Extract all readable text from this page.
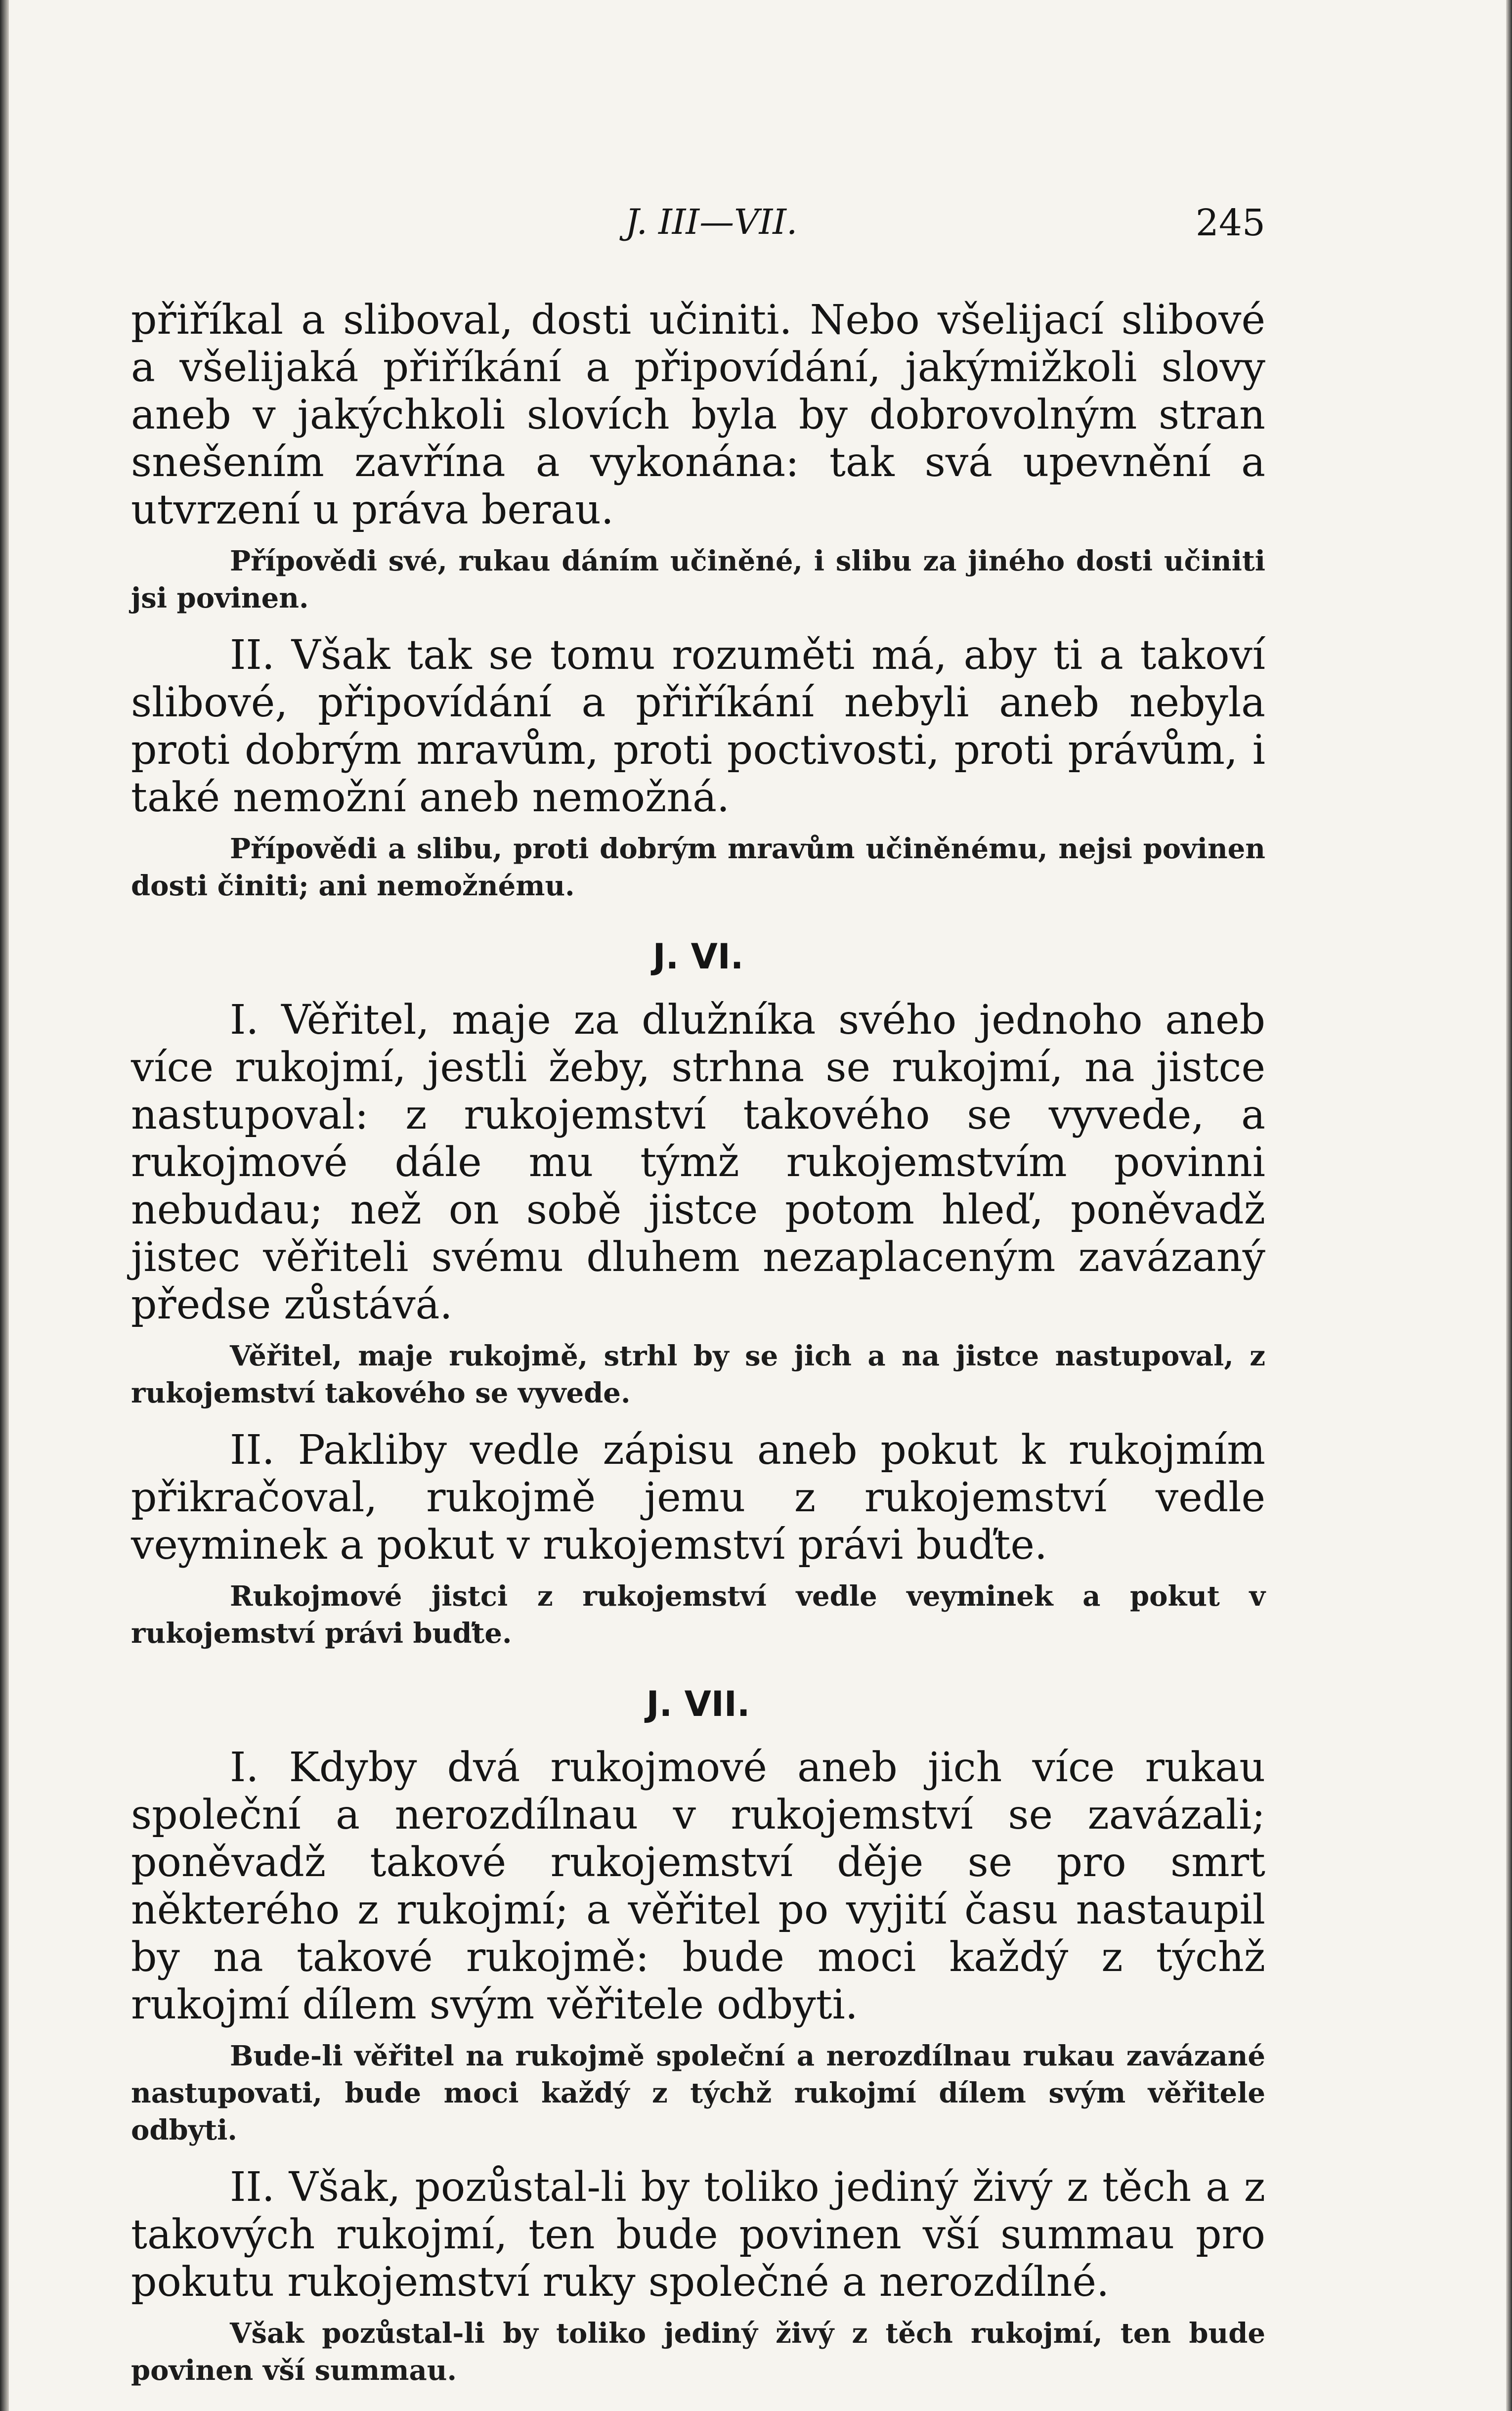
J. III—VII.	245

přiříkal a slibоval, dosti učiniti. Nebo všelijací slibové a všelijaká přiříkání a připovídání, jakýmižkoli slovy aneb v jakýchkoli slovích byla by dobrovolným stran snešením zavřína a vykonána: tak svá upevnění a utvrzení u práva berau.

Přípovědi své, rukau dáním učiněné, i slibu za jiného dosti učiniti jsi povinen.

II. Však tak se tomu rozuměti má, aby ti a takoví slibové, připovídání a přiříkání nebyli aneb nebyla proti dobrým mravům, proti poctivosti, proti právům, i také nemožní aneb nemožná.

Přípovědi a slibu, proti dobrým mravům učiněnému, nejsi povinen dosti činiti; ani nemožnému.

J. VI.

I. Věřitel, maje za dlužníka svého jednoho aneb více rukojmí, jestli žeby, strhna se rukojmí, na jistce nastupoval: z rukojemství takového se vyvede, a rukojmové dále mu týmž rukojemstvím povinni nebudau; než on sobě jistce potom hleď, poněvadž jistec věřiteli svému dluhem nezaplaceným zavázaný předse zůstává.

Věřitel, maje rukojmě, strhl by se jich a na jistce nastupoval, z rukojemství takového se vyvede.

II. Pakliby vedle zápisu aneb pokut k rukojmím přikračoval, rukojmě jemu z rukojemství vedle veyminek a pokut v rukojemství právi buďte.

Rukojmové jistci z rukojemství vedle veyminek a pokut v rukojemství právi buďte.

J. VII.

I. Kdyby dvá rukojmové aneb jich více rukau společní a nerozdílnau v rukojemství se zavázali; poněvadž takové rukojemství děje se pro smrt některého z rukojmí; a věřitel po vyjití času nastaupil by na takové rukojmě: bude moci každý z týchž rukojmí dílem svým věřitele odbyti.

Bude-li věřitel na rukojmě společní a nerozdílnau rukau zavázané nastupovati, bude moci každý z týchž rukojmí dílem svým věřitele odbyti.

II. Však, pozůstal-li by toliko jediný živý z těch a z takových rukojmí, ten bude povinen vší summau pro pokutu rukojemství ruky společné a nerozdílné.

Však pozůstal-li by toliko jediný živý z těch rukojmí, ten bude povinen vší summau.
